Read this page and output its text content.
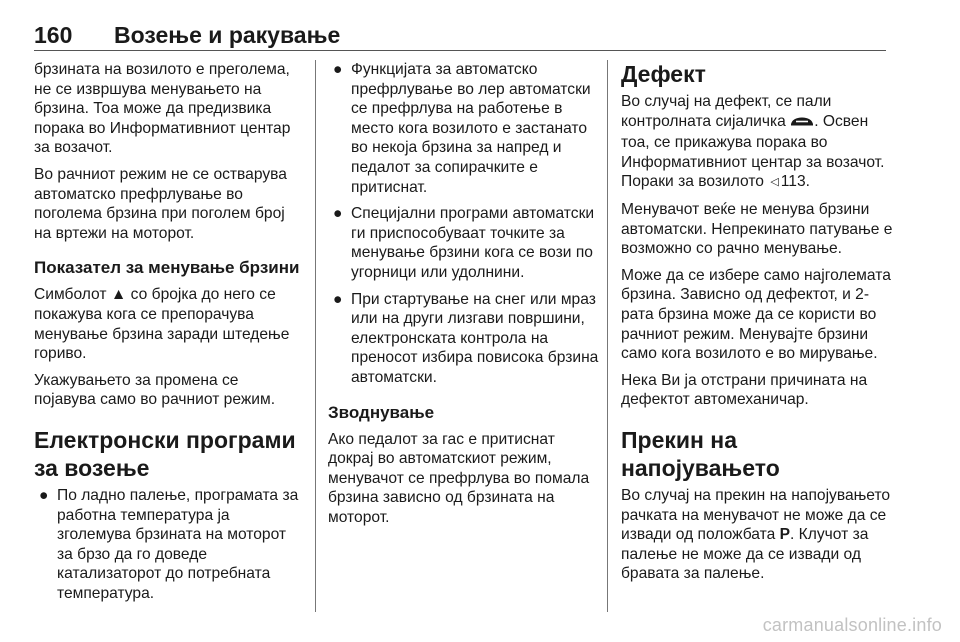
160 Возење и ракување

брзината на возилото е преголема, не се извршува менувањето на брзина. Тоа може да предизвика порака во Информативниот центар за возачот.

Во рачниот режим не се остварува автоматско префрлување во поголема брзина при поголем број на вртежи на моторот.

Показател за менување брзини

Симболот ▲ со бројка до него се покажува кога се препорачува менување брзина заради штедење гориво.

Укажувањето за промена се појавува само во рачниот режим.

Електронски програми за возење
● По ладно палење, програмата за работна температура ја зголемува брзината на моторот за брзо да го доведе катализаторот до потребната температура.
● Функцијата за автоматско префрлување во лер автоматски се префрлува на работење в место кога возилото е застанато во некоја брзина за напред и педалот за сопирачките е притиснат.
● Специјални програми автоматски ги приспособуваат точките за менување брзини кога се вози по угорници или удолнини.
● При стартување на снег или мраз или на други лизгави површини, електронската контрола на преносот избира повисока брзина автоматски.
Зводнување

Ако педалот за гас е притиснат докрај во автоматскиот режим, менувачот се префрлува во помала брзина зависно од брзината на моторот.

Дефект

Во случај на дефект, се пали контролната сијаличка . Освен тоа, се прикажува порака во Информативниот центар за возачот. Пораки за возилото ◁ 113.

Менувачот веќе не менува брзини автоматски. Непрекинато патување е возможно со рачно менување.

Може да се избере само најголемата брзина. Зависно од дефектот, и 2-рата брзина може да се користи во рачниот режим. Менувајте брзини само кога возилото е во мирување.

Нека Ви ја отстрани причината на дефектот автомеханичар.

Прекин на напојувањето

Во случај на прекин на напојувањето рачката на менувачот не може да се извади од положбата P. Клучот за палење не може да се извади од бравата за палење.

carmanualsonline.info
